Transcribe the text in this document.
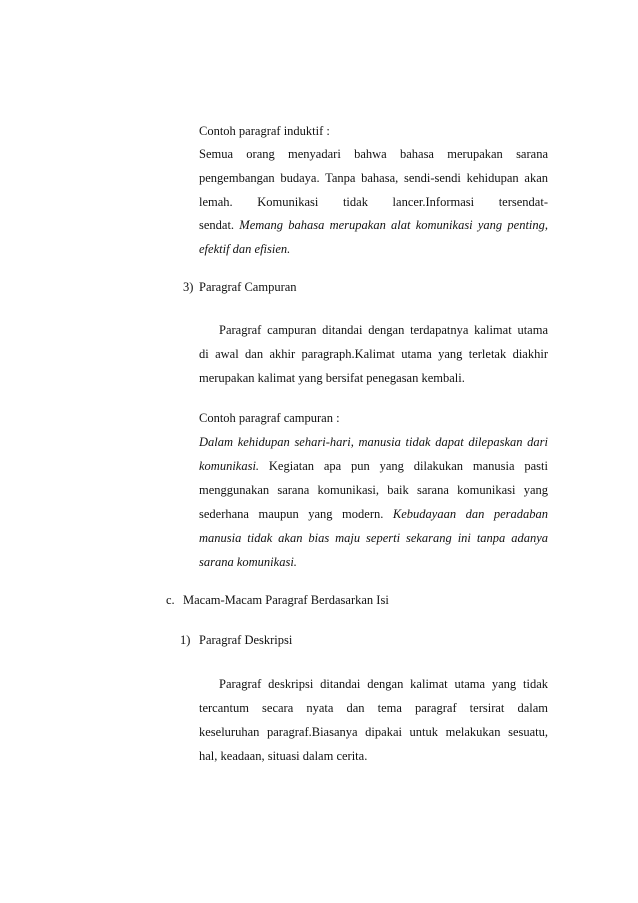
Contoh paragraf induktif :
Semua orang menyadari bahwa bahasa merupakan sarana
pengembangan budaya. Tanpa bahasa, sendi-sendi kehidupan akan
lemah. Komunikasi tidak lancer.Informasi tersendat-
sendat. Memang bahasa merupakan alat komunikasi yang penting,
efektif dan efisien.
3) Paragraf Campuran
Paragraf campuran ditandai dengan terdapatnya kalimat utama
di awal dan akhir paragraph.Kalimat utama yang terletak diakhir
merupakan kalimat yang bersifat penegasan kembali.
Contoh paragraf campuran :
Dalam kehidupan sehari-hari, manusia tidak dapat dilepaskan dari
komunikasi. Kegiatan apa pun yang dilakukan manusia pasti
menggunakan sarana komunikasi, baik sarana komunikasi yang
sederhana maupun yang modern. Kebudayaan dan peradaban
manusia tidak akan bias maju seperti sekarang ini tanpa adanya
sarana komunikasi.
c. Macam-Macam Paragraf Berdasarkan Isi
1) Paragraf Deskripsi
Paragraf deskripsi ditandai dengan kalimat utama yang tidak
tercantum secara nyata dan tema paragraf tersirat dalam
keseluruhan paragraf.Biasanya dipakai untuk melakukan sesuatu,
hal, keadaan, situasi dalam cerita.
